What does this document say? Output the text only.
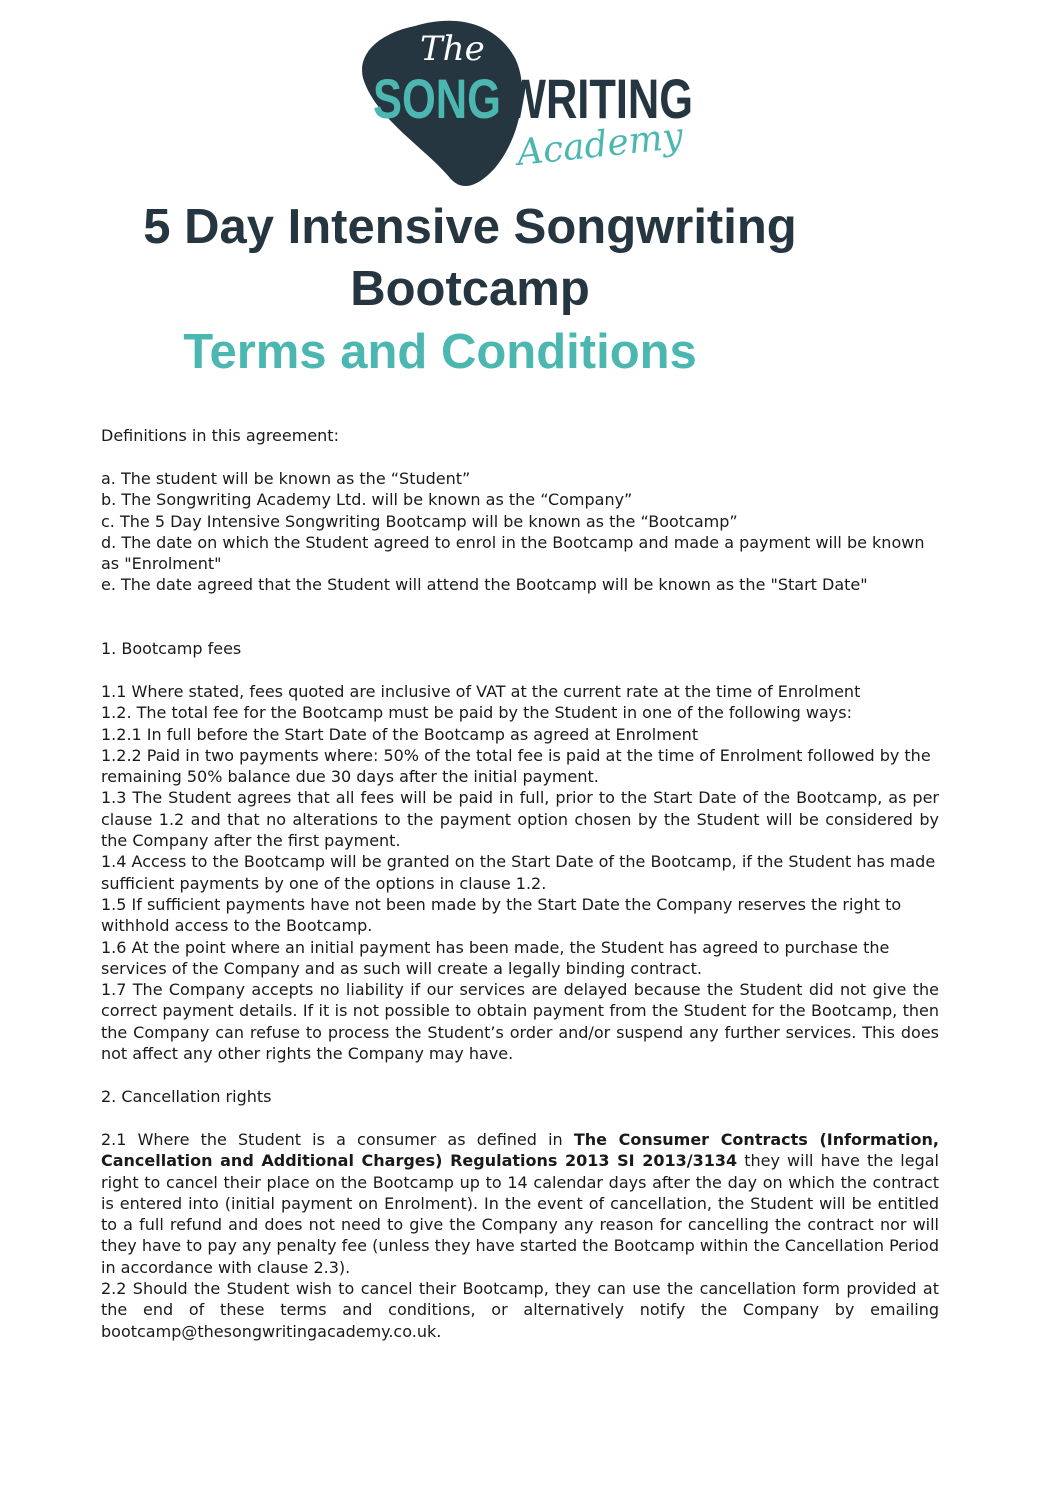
The
SONG WRITING
Academy
5 Day Intensive Songwriting
Bootcamp
Terms and Conditions

Definitions in this agreement:

a. The student will be known as the “Student”

b. The Songwriting Academy Ltd. will be known as the “Company”

c. The 5 Day Intensive Songwriting Bootcamp will be known as the “Bootcamp”

d. The date on which the Student agreed to enrol in the Bootcamp and made a payment will be known as "Enrolment"

e. The date agreed that the Student will attend the Bootcamp will be known as the "Start Date"

1. Bootcamp fees

1.1 Where stated, fees quoted are inclusive of VAT at the current rate at the time of Enrolment

1.2. The total fee for the Bootcamp must be paid by the Student in one of the following ways:

1.2.1 In full before the Start Date of the Bootcamp as agreed at Enrolment

1.2.2 Paid in two payments where: 50% of the total fee is paid at the time of Enrolment followed by the remaining 50% balance due 30 days after the initial payment.

1.3 The Student agrees that all fees will be paid in full, prior to the Start Date of the Bootcamp, as per clause 1.2 and that no alterations to the payment option chosen by the Student will be considered by the Company after the first payment.

1.4 Access to the Bootcamp will be granted on the Start Date of the Bootcamp, if the Student has made sufficient payments by one of the options in clause 1.2.

1.5 If sufficient payments have not been made by the Start Date the Company reserves the right to withhold access to the Bootcamp.

1.6 At the point where an initial payment has been made, the Student has agreed to purchase the services of the Company and as such will create a legally binding contract.

1.7 The Company accepts no liability if our services are delayed because the Student did not give the correct payment details. If it is not possible to obtain payment from the Student for the Bootcamp, then the Company can refuse to process the Student’s order and/or suspend any further services. This does not affect any other rights the Company may have.

2. Cancellation rights

2.1 Where the Student is a consumer as defined in The Consumer Contracts (Information, Cancellation and Additional Charges) Regulations 2013 SI 2013/3134 they will have the legal right to cancel their place on the Bootcamp up to 14 calendar days after the day on which the contract is entered into (initial payment on Enrolment). In the event of cancellation, the Student will be entitled to a full refund and does not need to give the Company any reason for cancelling the contract nor will they have to pay any penalty fee (unless they have started the Bootcamp within the Cancellation Period in accordance with clause 2.3).

2.2 Should the Student wish to cancel their Bootcamp, they can use the cancellation form provided at the end of these terms and conditions, or alternatively notify the Company by emailing bootcamp@thesongwritingacademy.co.uk.
